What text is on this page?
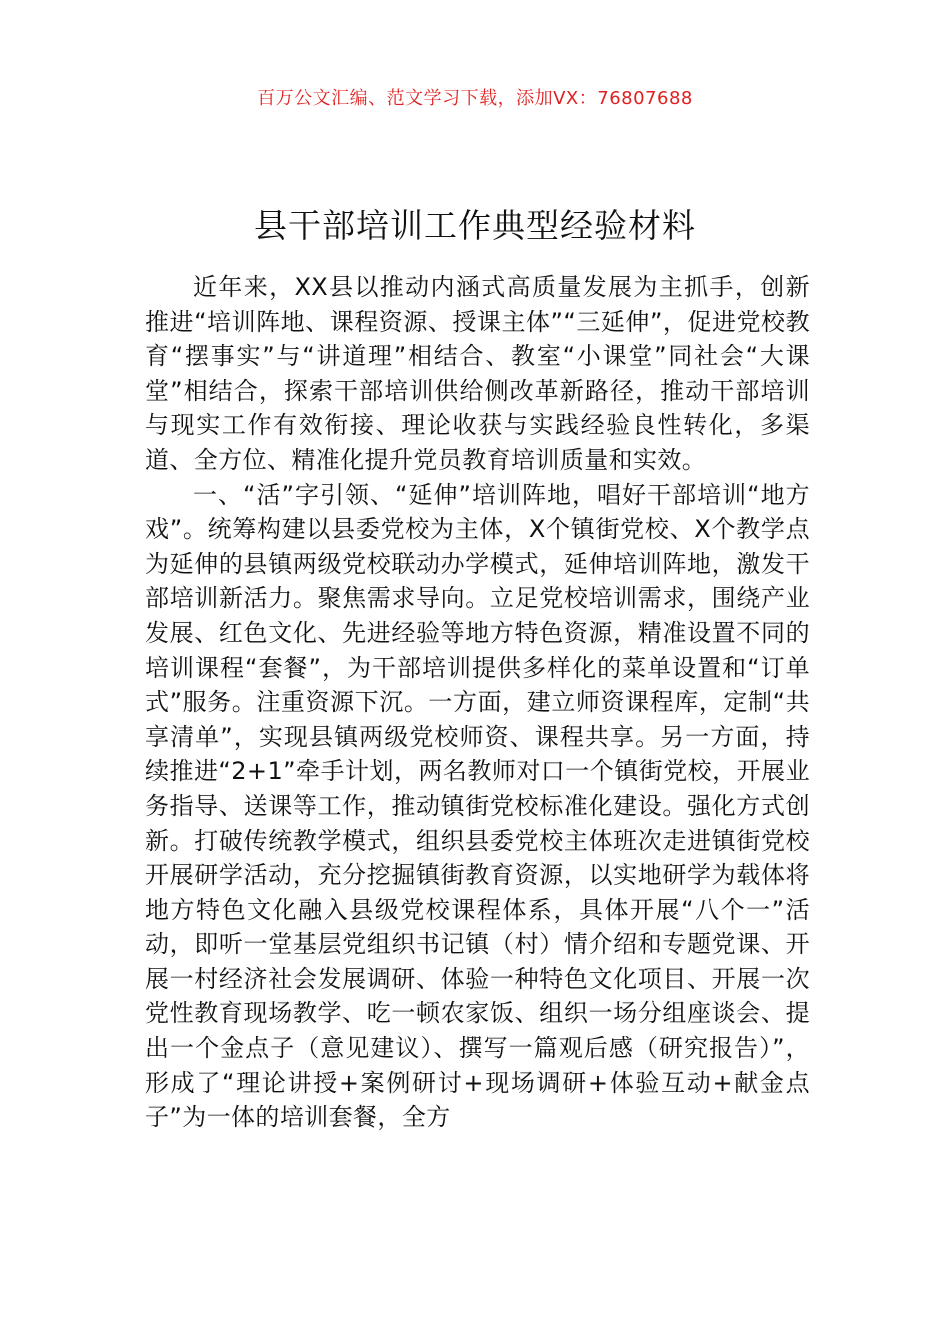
百万公文汇编、范文学习下载，添加VX：76807688
县干部培训工作典型经验材料

近年来，XX县以推动内涵式高质量发展为主抓手，创新推进“培训阵地、课程资源、授课主体”“三延伸”，促进党校教育“摆事实”与“讲道理”相结合、教室“小课堂”同社会“大课堂”相结合，探索干部培训供给侧改革新路径，推动干部培训与现实工作有效衔接、理论收获与实践经验良性转化，多渠道、全方位、精准化提升党员教育培训质量和实效。

一、“活”字引领、“延伸”培训阵地，唱好干部培训“地方戏”。统筹构建以县委党校为主体，X个镇街党校、X个教学点为延伸的县镇两级党校联动办学模式，延伸培训阵地，激发干部培训新活力。聚焦需求导向。立足党校培训需求，围绕产业发展、红色文化、先进经验等地方特色资源，精准设置不同的培训课程“套餐”，为干部培训提供多样化的菜单设置和“订单式”服务。注重资源下沉。一方面，建立师资课程库，定制“共享清单”，实现县镇两级党校师资、课程共享。另一方面，持续推进“2+1”牵手计划，两名教师对口一个镇街党校，开展业务指导、送课等工作，推动镇街党校标准化建设。强化方式创新。打破传统教学模式，组织县委党校主体班次走进镇街党校开展研学活动，充分挖掘镇街教育资源，以实地研学为载体将地方特色文化融入县级党校课程体系，具体开展“八个一”活动，即听一堂基层党组织书记镇（村）情介绍和专题党课、开展一村经济社会发展调研、体验一种特色文化项目、开展一次党性教育现场教学、吃一顿农家饭、组织一场分组座谈会、提出一个金点子（意见建议）、撰写一篇观后感（研究报告）”，形成了“理论讲授+案例研讨+现场调研+体验互动+献金点子”为一体的培训套餐，全方
